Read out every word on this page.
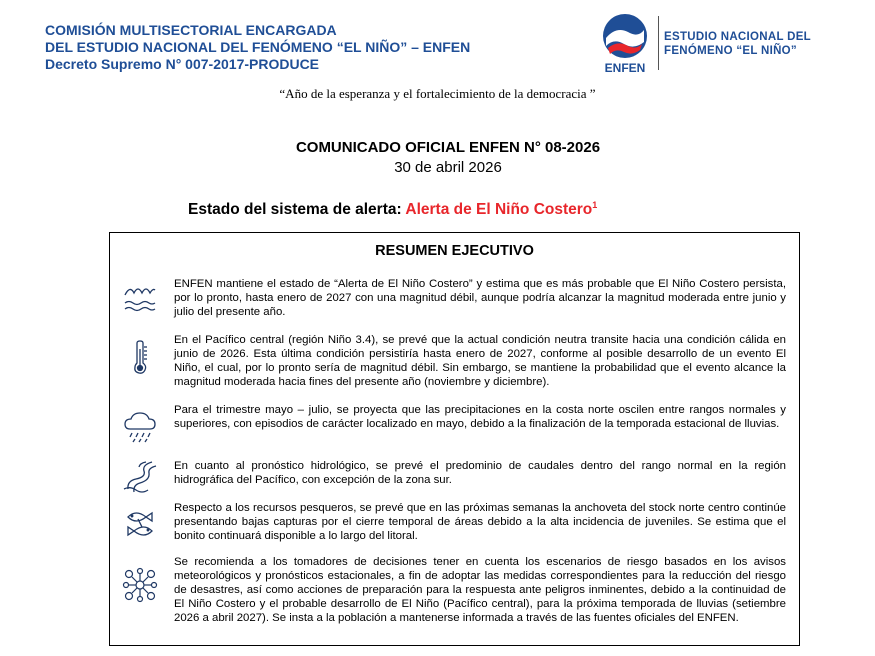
COMISIÓN MULTISECTORIAL ENCARGADA
DEL ESTUDIO NACIONAL DEL FENÓMENO “EL NIÑO” – ENFEN
Decreto Supremo N° 007-2017-PRODUCE	ENFEN
ESTUDIO NACIONAL DEL
FENÓMENO “EL NIÑO”
“Año de la esperanza y el fortalecimiento de la democracia ”
COMUNICADO OFICIAL ENFEN N° 08-2026
30 de abril 2026
Estado del sistema de alerta: Alerta de El Niño Costero$^1$
RESUMEN EJECUTIVO
ENFEN mantiene el estado de “Alerta de El Niño Costero” y estima que es más probable que El Niño Costero persista, por lo pronto, hasta enero de 2027 con una magnitud débil, aunque podría alcanzar la magnitud moderada entre junio y julio del presente año.
En el Pacífico central (región Niño 3.4), se prevé que la actual condición neutra transite hacia una condición cálida en junio de 2026. Esta última condición persistiría hasta enero de 2027, conforme al posible desarrollo de un evento El Niño, el cual, por lo pronto sería de magnitud débil. Sin embargo, se mantiene la probabilidad que el evento alcance la magnitud moderada hacia fines del presente año (noviembre y diciembre).
Para el trimestre mayo – julio, se proyecta que las precipitaciones en la costa norte oscilen entre rangos normales y superiores, con episodios de carácter localizado en mayo, debido a la finalización de la temporada estacional de lluvias.
En cuanto al pronóstico hidrológico, se prevé el predominio de caudales dentro del rango normal en la región hidrográfica del Pacífico, con excepción de la zona sur.
Respecto a los recursos pesqueros, se prevé que en las próximas semanas la anchoveta del stock norte centro continúe presentando bajas capturas por el cierre temporal de áreas debido a la alta incidencia de juveniles. Se estima que el bonito continuará disponible a lo largo del litoral.
Se recomienda a los tomadores de decisiones tener en cuenta los escenarios de riesgo basados en los avisos meteorológicos y pronósticos estacionales, a fin de adoptar las medidas correspondientes para la reducción del riesgo de desastres, así como acciones de preparación para la respuesta ante peligros inminentes, debido a la continuidad de El Niño Costero y el probable desarrollo de El Niño (Pacífico central), para la próxima temporada de lluvias (setiembre 2026 a abril 2027). Se insta a la población a mantenerse informada a través de las fuentes oficiales del ENFEN.
